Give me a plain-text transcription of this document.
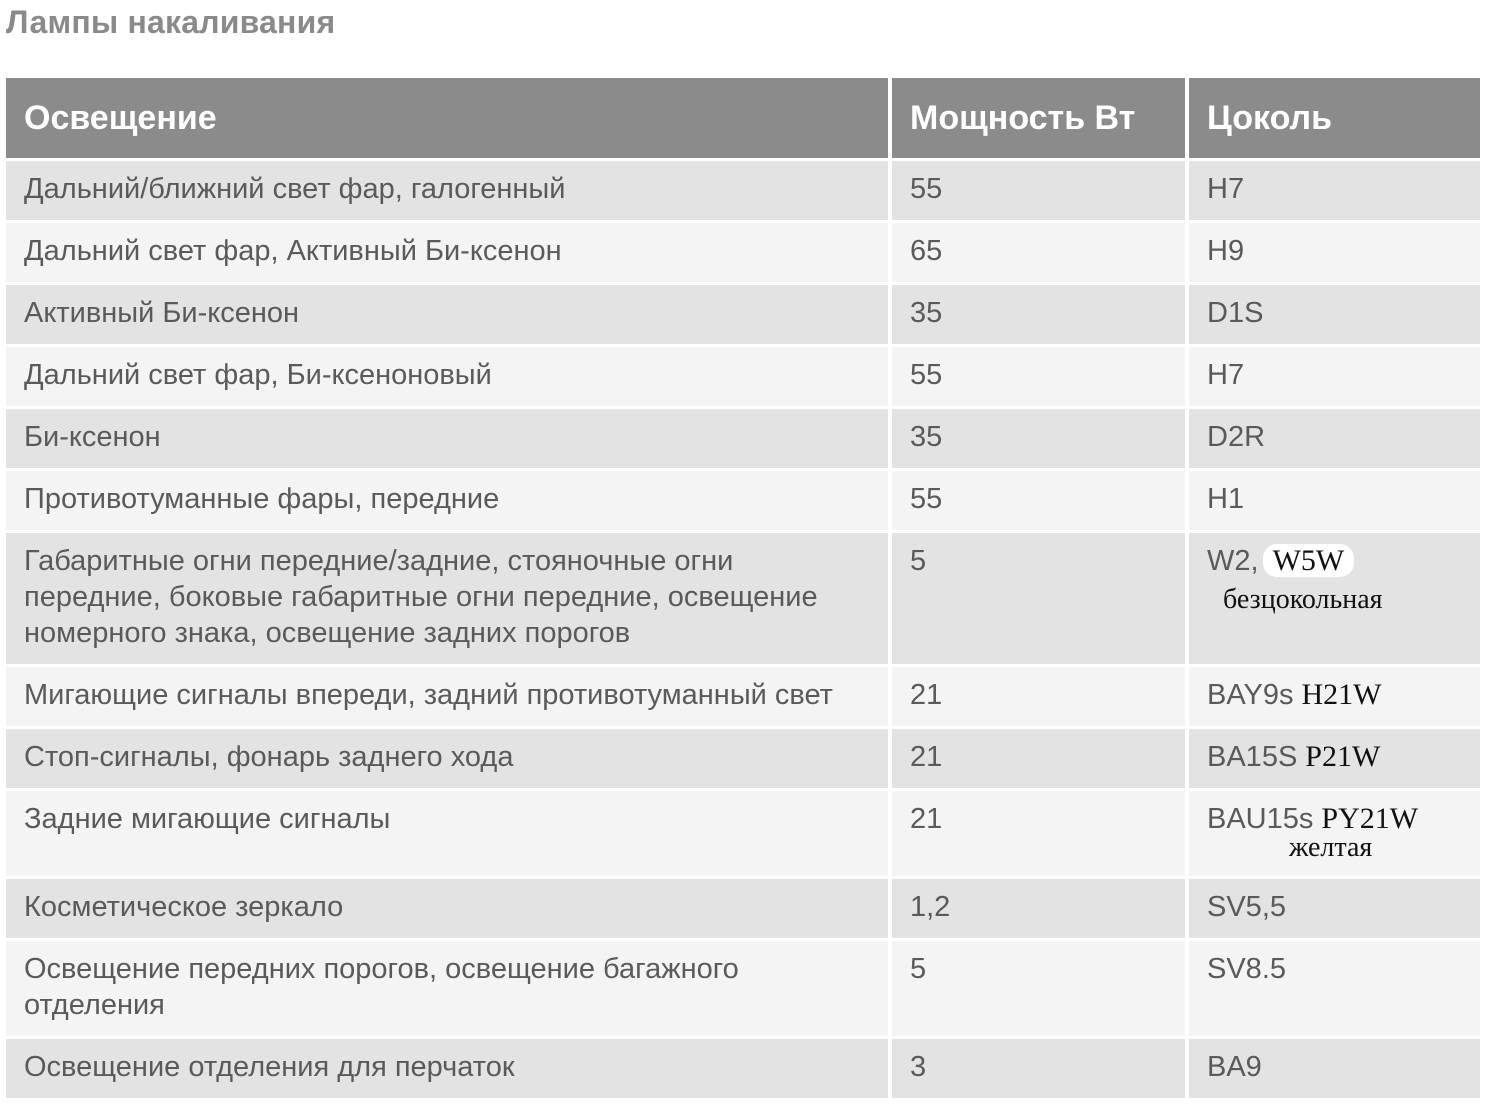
Лампы накаливания
Освещение	Мощность Вт	Цоколь
Дальний/ближний свет фар, галогенный	55	H7
Дальний свет фар, Активный Би-ксенон	65	H9
Активный Би-ксенон	35	D1S
Дальний свет фар, Би-ксеноновый	55	H7
Би-ксенон	35	D2R
Противотуманные фары, передние	55	H1
Габаритные огни передние/задние, стояночные огни передние, боковые габаритные огни передние, освещение номерного знака, освещение задних порогов	5	W2, W5W
безцокольная

Мигающие сигналы впереди, задний противотуманный свет	21	BAY9s H21W
Стоп-сигналы, фонарь заднего хода	21	BA15S P21W
Задние мигающие сигналы	21	BAU15s PY21W
желтая

Косметическое зеркало	1,2	SV5,5
Освещение передних порогов, освещение багажного отделения	5	SV8.5
Освещение отделения для перчаток	3	BA9
